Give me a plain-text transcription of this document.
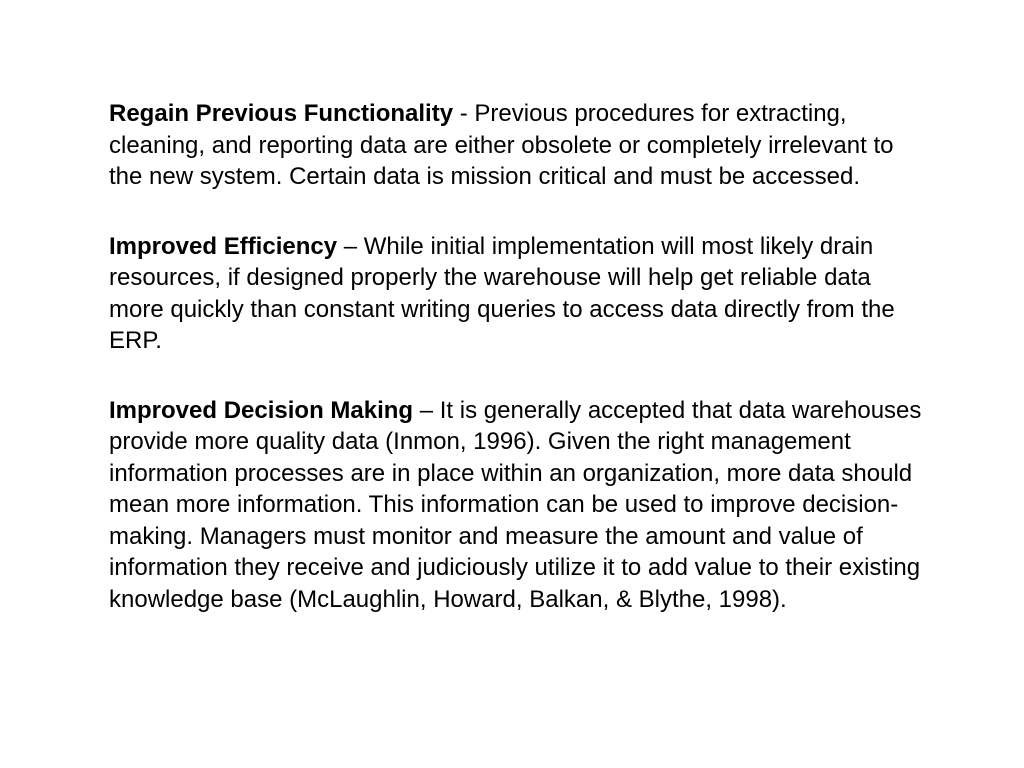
Regain Previous Functionality - Previous procedures for extracting, cleaning, and reporting data are either obsolete or completely irrelevant to the new system. Certain data is mission critical and must be accessed.

Improved Efficiency – While initial implementation will most likely drain resources, if designed properly the warehouse will help get reliable data more quickly than constant writing queries to access data directly from the ERP.

Improved Decision Making – It is generally accepted that data warehouses provide more quality data (Inmon, 1996). Given the right management information processes are in place within an organization, more data should mean more information. This information can be used to improve decision-making. Managers must monitor and measure the amount and value of information they receive and judiciously utilize it to add value to their existing knowledge base (McLaughlin, Howard, Balkan, & Blythe, 1998).
